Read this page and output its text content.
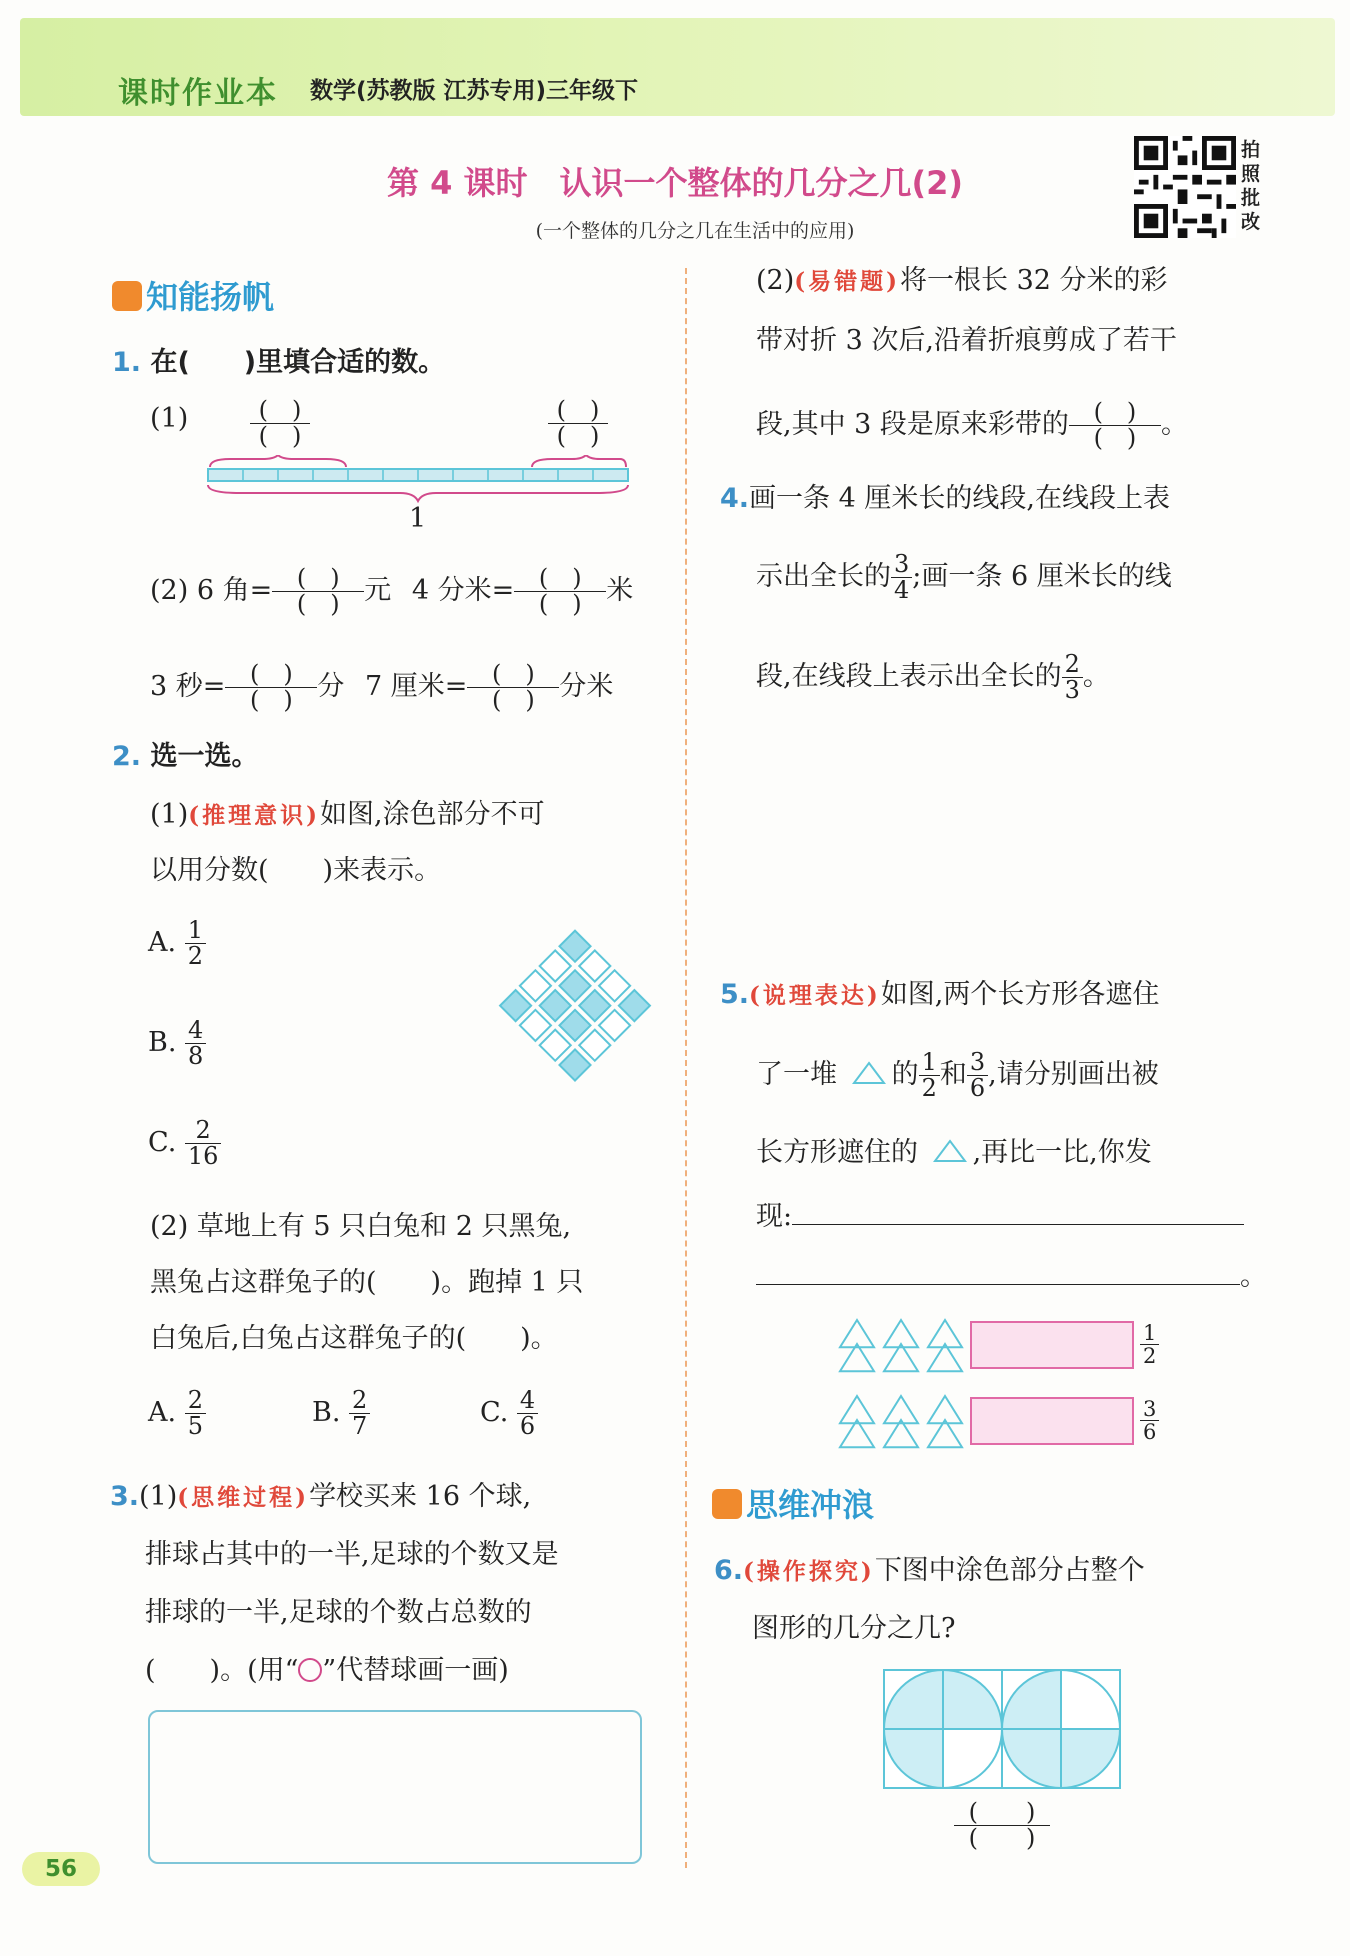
课时作业本 数学(苏教版 江苏专用)三年级下
第 4 课时　认识一个整体的几分之几(2)
(一个整体的几分之几在生活中的应用)
拍照批改
知能扬帆
1. 在(　　)里填合适的数。
(1)	$\frac{( )}{( )}$	$\frac{( )}{( )}$
1
(2) 6 角= $\frac{( )}{( )}$元 4 分米= $\frac{( )}{( )}$米
3 秒= $\frac{( )}{( )}$分 7 厘米= $\frac{( )}{( )}$分米
2. 选一选。
(1)(推理意识)如图,涂色部分不可
以用分数(　　)来表示。
A. $\frac{1}{2}$
B. $\frac{4}{8}$
C. $\frac{2}{16}$
(2) 草地上有 5 只白兔和 2 只黑兔,
黑兔占这群兔子的(　　)。跑掉 1 只
白兔后,白兔占这群兔子的(　　)。
A. $\frac{2}{5}$	B. $\frac{2}{7}$	C. $\frac{4}{6}$
3.(1)(思维过程)学校买来 16 个球,
排球占其中的一半,足球的个数又是
排球的一半,足球的个数占总数的
(　　)。(用“ ”代替球画一画)
(2)(易错题)将一根长 32 分米的彩
带对折 3 次后,沿着折痕剪成了若干
段,其中 3 段是原来彩带的 $\frac{( )}{( )}$。
4.画一条 4 厘米长的线段,在线段上表
示出全长的 $\frac{3}{4}$ ;画一条 6 厘米长的线
段,在线段上表示出全长的 $\frac{2}{3}$ 。
5.(说理表达)如图,两个长方形各遮住
了一堆 的 $\frac{1}{2}$ 和 $\frac{3}{6}$ ,请分别画出被
长方形遮住的 ,再比一比,你发
现:
。
$\frac{1}{2}$
$\frac{3}{6}$
思维冲浪
6.(操作探究)下图中涂色部分占整个
图形的几分之几?
$\frac{( )}{( )}$
56
